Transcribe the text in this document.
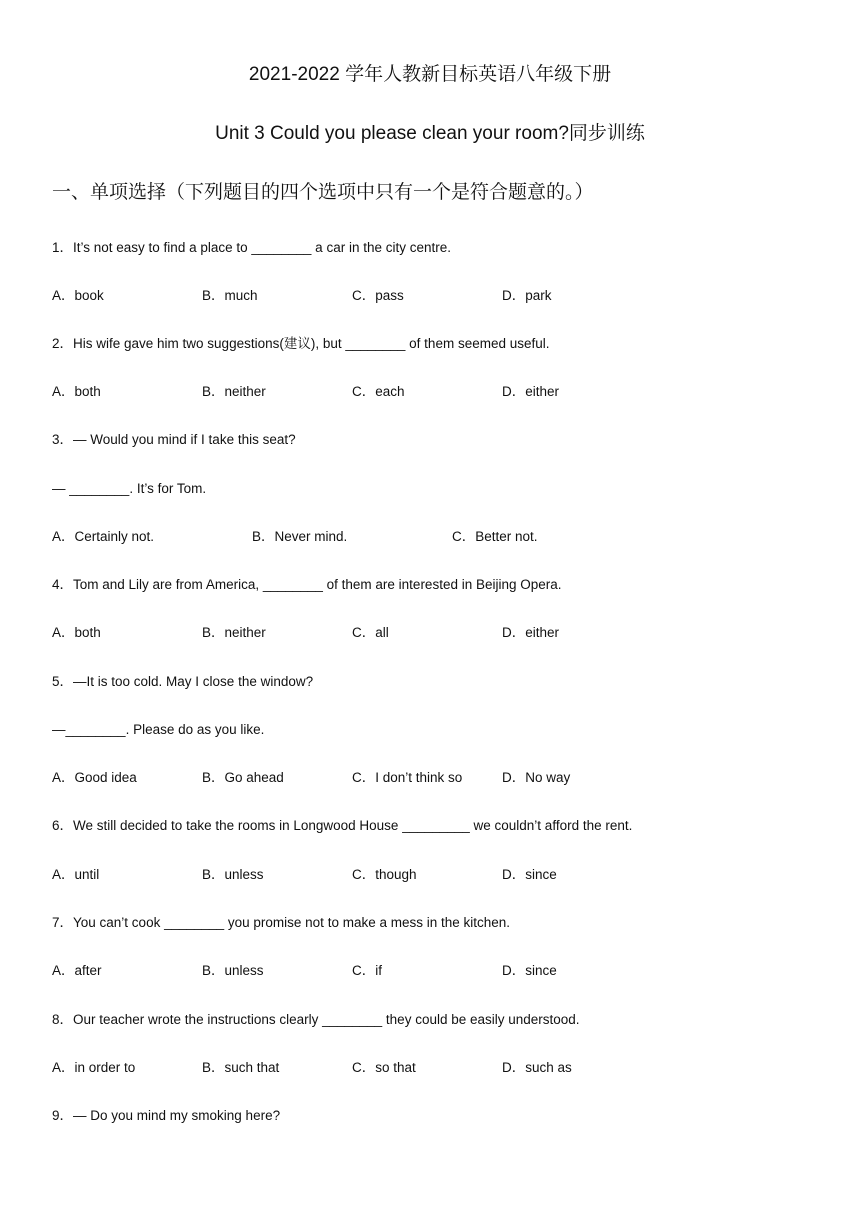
2021-2022 学年人教新目标英语八年级下册
Unit 3 Could you please clean your room?同步训练
一、单项选择（下列题目的四个选项中只有一个是符合题意的。）
1．It’s not easy to find a place to ________ a car in the city centre.
A．book	B．much	C．pass	D．park
2．His wife gave him two suggestions(建议), but ________ of them seemed useful.
A．both	B．neither	C．each	D．either
3．— Would you mind if I take this seat?
— ________. It’s for Tom.
A．Certainly not.	B．Never mind.	C．Better not.
4．Tom and Lily are from America, ________ of them are interested in Beijing Opera.
A．both	B．neither	C．all	D．either
5．—It is too cold. May I close the window?
—________. Please do as you like.
A．Good idea	B．Go ahead	C．I don’t think so	D．No way
6．We still decided to take the rooms in Longwood House _________ we couldn’t afford the rent.
A．until	B．unless	C．though	D．since
7．You can’t cook ________ you promise not to make a mess in the kitchen.
A．after	B．unless	C．if	D．since
8．Our teacher wrote the instructions clearly ________ they could be easily understood.
A．in order to	B．such that	C．so that	D．such as
9．— Do you mind my smoking here?
